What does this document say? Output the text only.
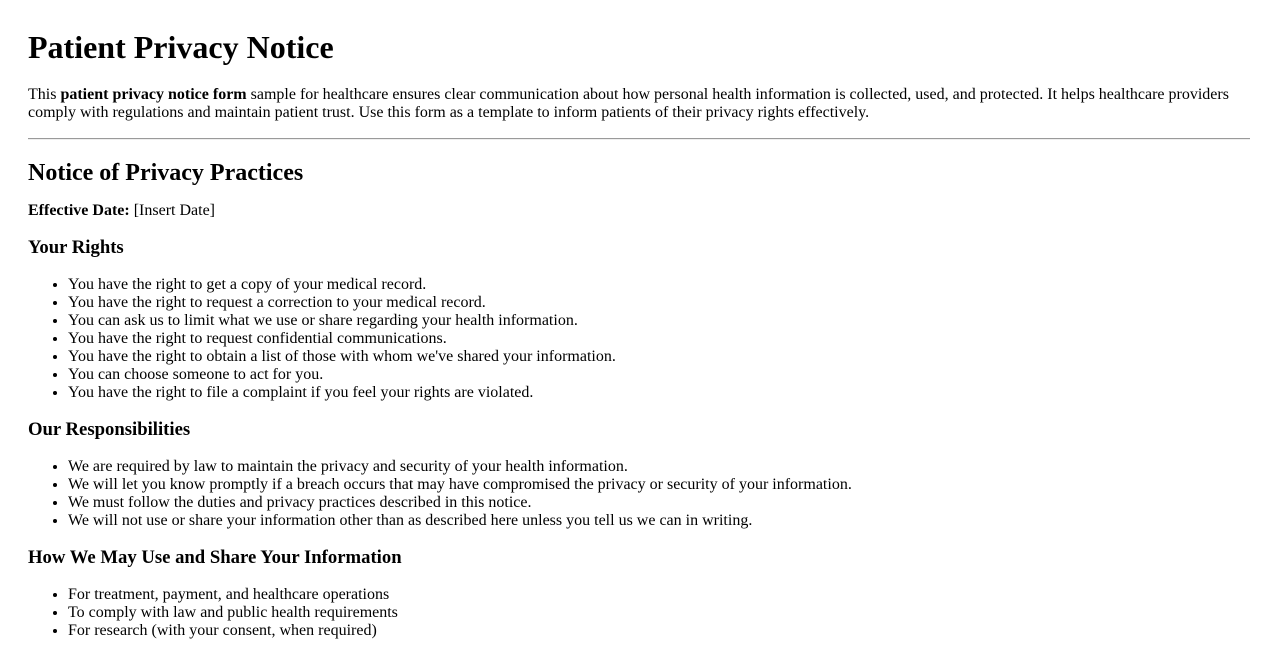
Patient Privacy Notice

This patient privacy notice form sample for healthcare ensures clear communication about how personal health information is collected, used, and protected. It helps healthcare providers comply with regulations and maintain patient trust. Use this form as a template to inform patients of their privacy rights effectively.

Notice of Privacy Practices

Effective Date: [Insert Date]

Your Rights
• You have the right to get a copy of your medical record.
• You have the right to request a correction to your medical record.
• You can ask us to limit what we use or share regarding your health information.
• You have the right to request confidential communications.
• You have the right to obtain a list of those with whom we've shared your information.
• You can choose someone to act for you.
• You have the right to file a complaint if you feel your rights are violated.
Our Responsibilities
• We are required by law to maintain the privacy and security of your health information.
• We will let you know promptly if a breach occurs that may have compromised the privacy or security of your information.
• We must follow the duties and privacy practices described in this notice.
• We will not use or share your information other than as described here unless you tell us we can in writing.
How We May Use and Share Your Information
• For treatment, payment, and healthcare operations
• To comply with law and public health requirements
• For research (with your consent, when required)
